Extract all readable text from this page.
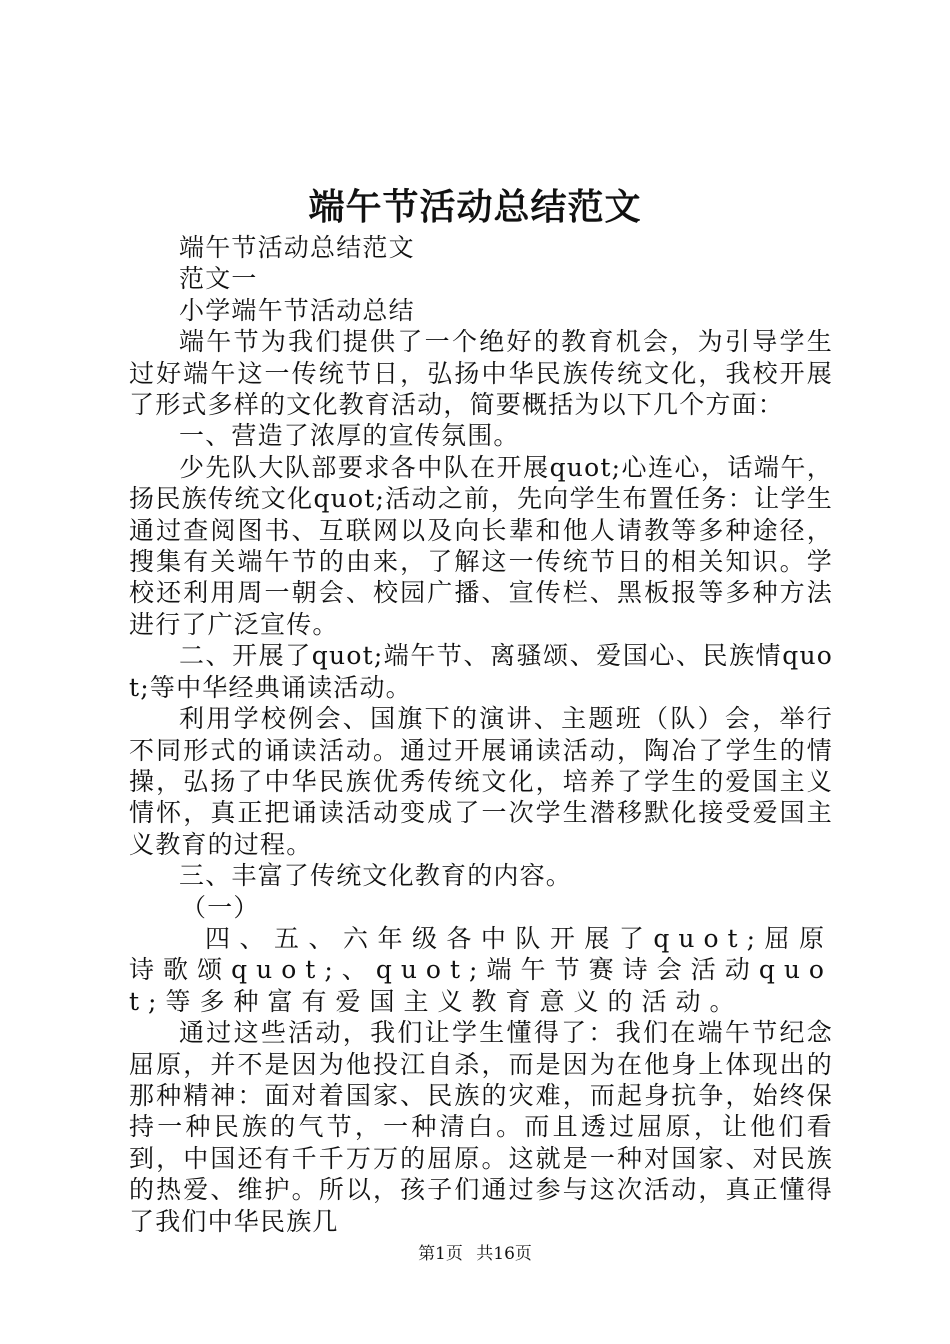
端午节活动总结范文

端午节活动总结范文

范文一

小学端午节活动总结

端午节为我们提供了一个绝好的教育机会，为引导学生过好端午这一传统节日，弘扬中华民族传统文化，我校开展了形式多样的文化教育活动，简要概括为以下几个方面：

一、营造了浓厚的宣传氛围。

少先队大队部要求各中队在开展quot;心连心，话端午，扬民族传统文化quot;活动之前，先向学生布置任务：让学生通过查阅图书、互联网以及向长辈和他人请教等多种途径，搜集有关端午节的由来，了解这一传统节日的相关知识。学校还利用周一朝会、校园广播、宣传栏、黑板报等多种方法进行了广泛宣传。

二、开展了quot;端午节、离骚颂、爱国心、民族情quot;等中华经典诵读活动。

利用学校例会、国旗下的演讲、主题班（队）会，举行不同形式的诵读活动。通过开展诵读活动，陶冶了学生的情操，弘扬了中华民族优秀传统文化，培养了学生的爱国主义情怀，真正把诵读活动变成了一次学生潜移默化接受爱国主义教育的过程。

三、丰富了传统文化教育的内容。

（一）

四、五、六年级各中队开展了quot;屈原诗歌颂quot;、quot;端午节赛诗会活动quot;等多种富有爱国主义教育意义的活动。

通过这些活动，我们让学生懂得了：我们在端午节纪念屈原，并不是因为他投江自杀，而是因为在他身上体现出的那种精神：面对着国家、民族的灾难，而起身抗争，始终保持一种民族的气节，一种清白。而且透过屈原，让他们看到，中国还有千千万万的屈原。这就是一种对国家、对民族的热爱、维护。所以，孩子们通过参与这次活动，真正懂得了我们中华民族几

第1页 共16页
